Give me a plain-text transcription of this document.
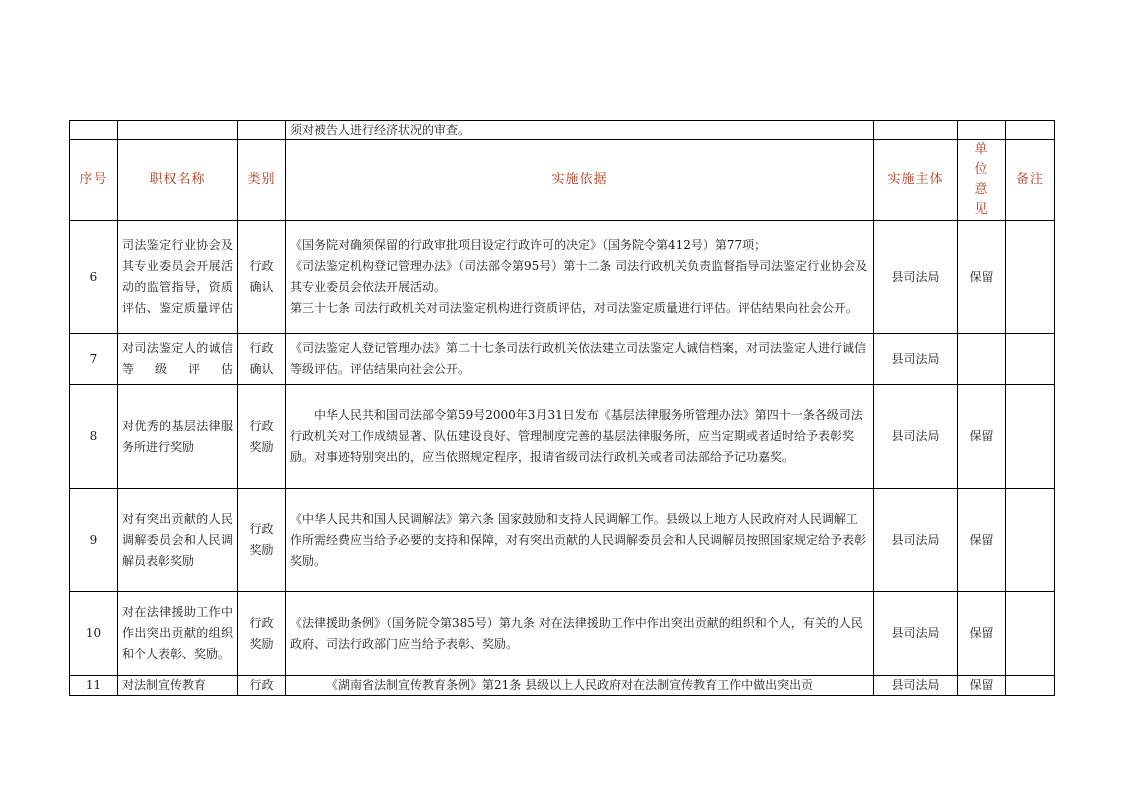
			须对被告人进行经济状况的审查。			
序号	职权名称	类别	实施依据	实施主体	单位意见	备注
6	司法鉴定行业协会及其专业委员会开展活动的监管指导，资质评估、鉴定质量评估	行政确认	《国务院对确须保留的行政审批项目设定行政许可的决定》（国务院令第412号）第77项；
《司法鉴定机构登记管理办法》（司法部令第95号）第十二条 司法行政机关负责监督指导司法鉴定行业协会及其专业委员会依法开展活动。
第三十七条 司法行政机关对司法鉴定机构进行资质评估，对司法鉴定质量进行评估。评估结果向社会公开。	县司法局	保留	
7	对司法鉴定人的诚信等级评估	行政确认	《司法鉴定人登记管理办法》第二十七条司法行政机关依法建立司法鉴定人诚信档案，对司法鉴定人进行诚信等级评估。评估结果向社会公开。	县司法局		
8	对优秀的基层法律服务所进行奖励	行政奖励	中华人民共和国司法部令第59号2000年3月31日发布《基层法律服务所管理办法》第四十一条各级司法行政机关对工作成绩显著、队伍建设良好、管理制度完善的基层法律服务所，应当定期或者适时给予表彰奖励。对事迹特别突出的，应当依照规定程序，报请省级司法行政机关或者司法部给予记功嘉奖。	县司法局	保留	
9	对有突出贡献的人民调解委员会和人民调解员表彰奖励	行政奖励	《中华人民共和国人民调解法》第六条 国家鼓励和支持人民调解工作。县级以上地方人民政府对人民调解工作所需经费应当给予必要的支持和保障，对有突出贡献的人民调解委员会和人民调解员按照国家规定给予表彰奖励。	县司法局	保留	
10	对在法律援助工作中作出突出贡献的组织和个人表彰、奖励。	行政奖励	《法律援助条例》（国务院令第385号）第九条 对在法律援助工作中作出突出贡献的组织和个人，有关的人民政府、司法行政部门应当给予表彰、奖励。	县司法局	保留	
11	对法制宣传教育	行政	《湖南省法制宣传教育条例》第21条 县级以上人民政府对在法制宣传教育工作中做出突出贡	县司法局	保留	
